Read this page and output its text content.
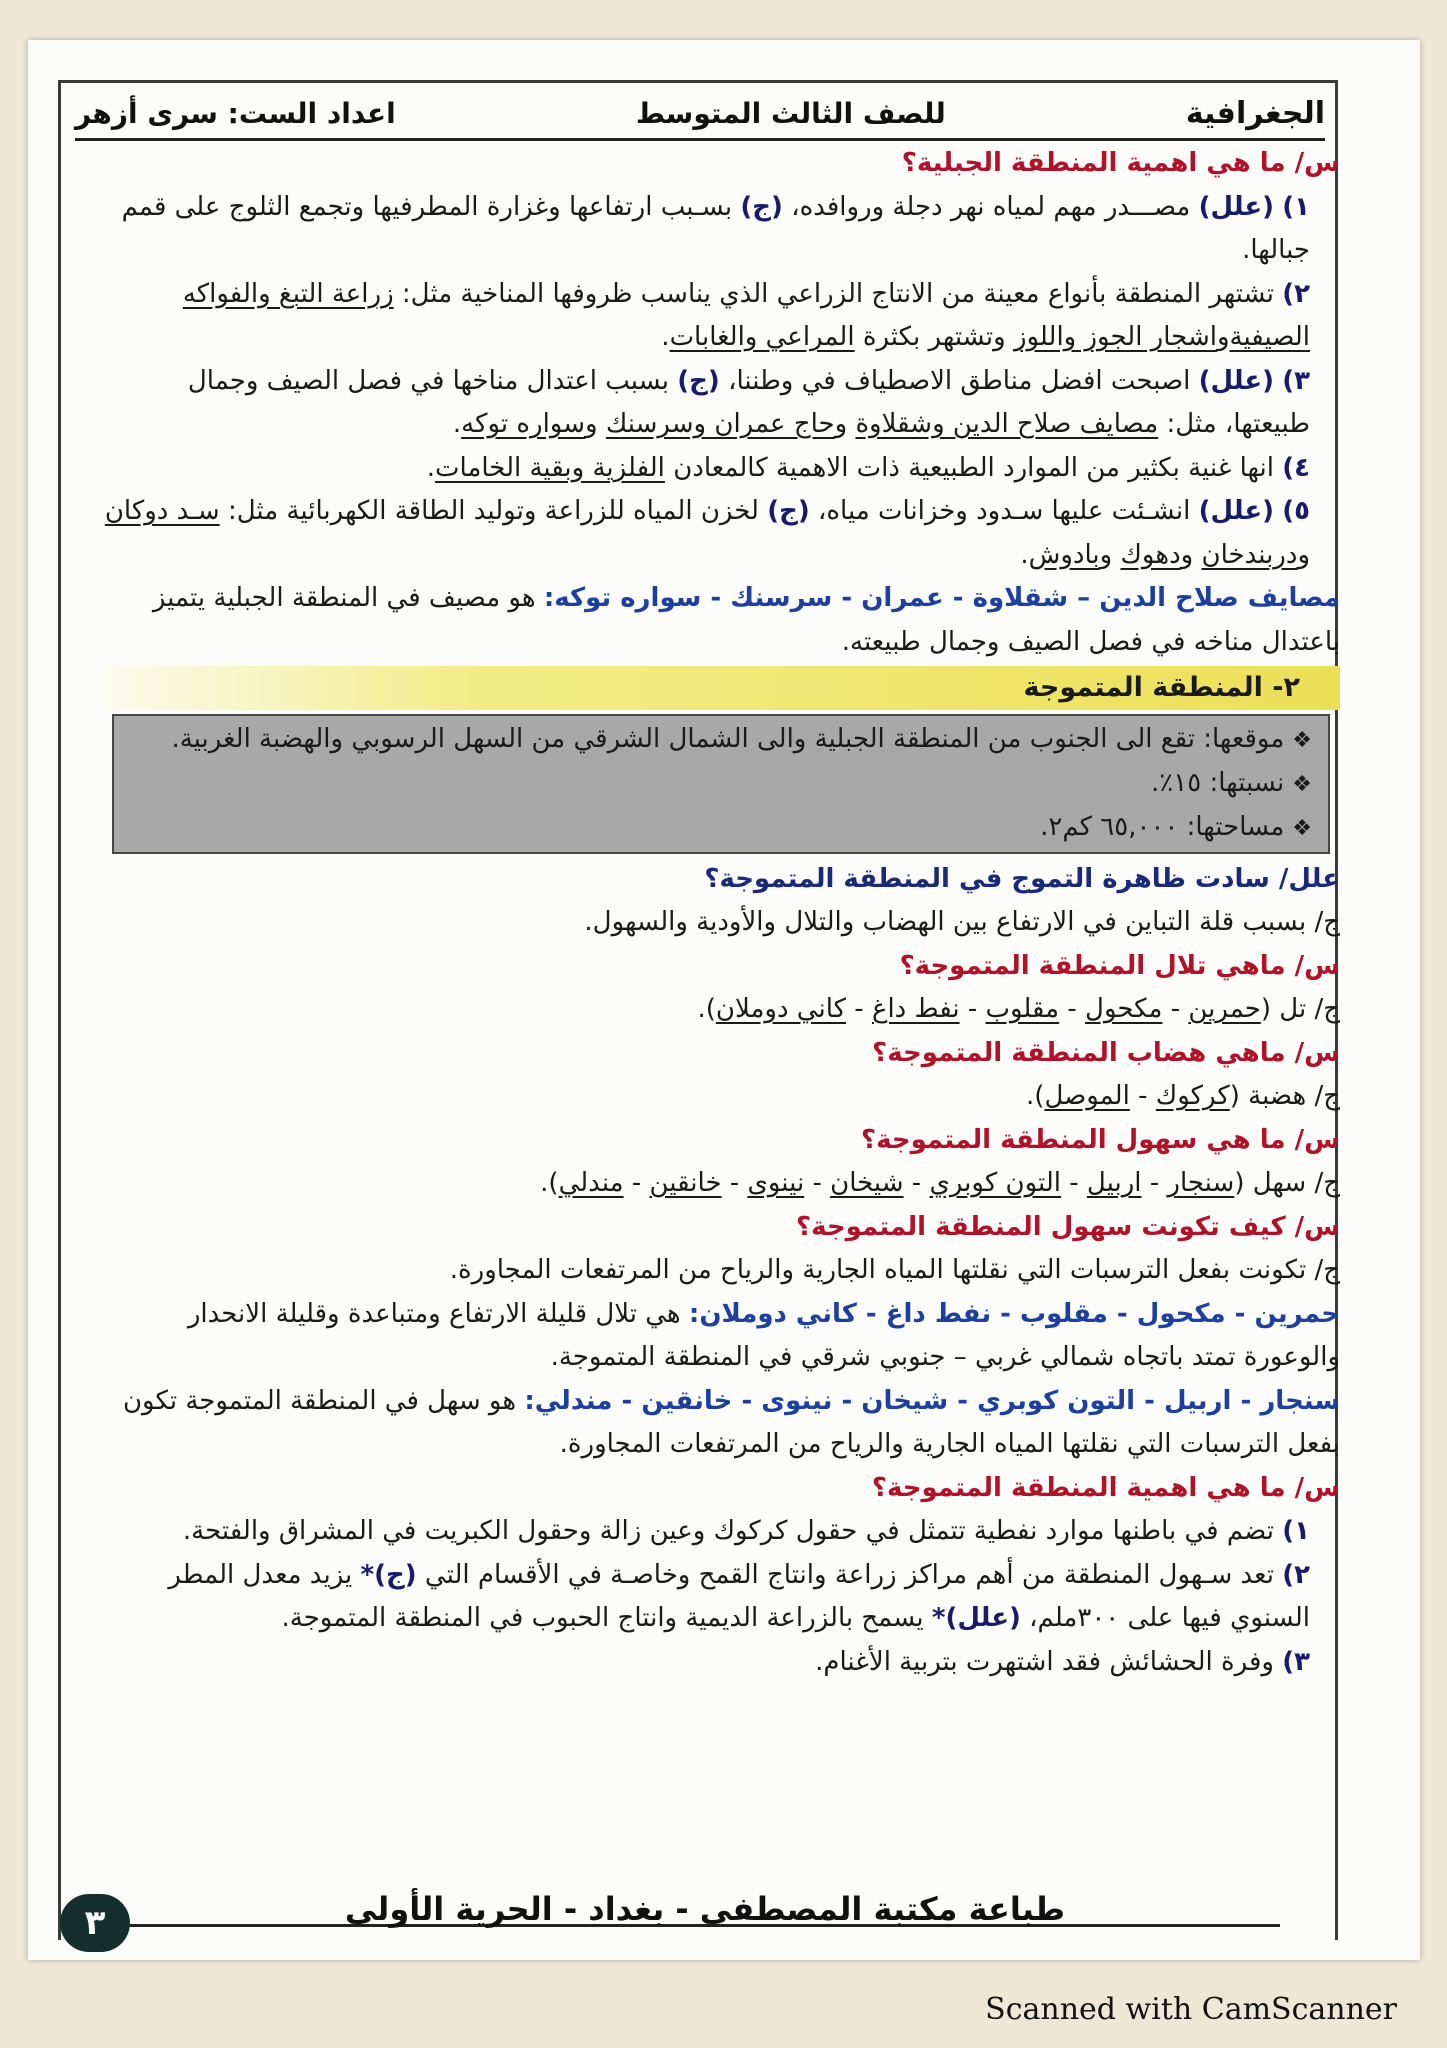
الجغرافية
للصف الثالث المتوسط
اعداد الست: سرى أزهر

س/ ما هي اهمية المنطقة الجبلية؟

١) (علل) مصـــدر مهم لمياه نهر دجلة وروافده، (ج) بسـبب ارتفاعها وغزارة المطرفيها وتجمع الثلوج على قمم جبالها.

٢) تشتهر المنطقة بأنواع معينة من الانتاج الزراعي الذي يناسب ظروفها المناخية مثل: زراعة التبغ والفواكه الصيفيةواشجار الجوز واللوز وتشتهر بكثرة المراعي والغابات.

٣) (علل) اصبحت افضل مناطق الاصطياف في وطننا، (ج) بسبب اعتدال مناخها في فصل الصيف وجمال طبيعتها، مثل: مصايف صلاح الدين وشقلاوة وحاج عمران وسرسنك وسواره توكه.

٤) انها غنية بكثير من الموارد الطبيعية ذات الاهمية كالمعادن الفلزية وبقية الخامات.

٥) (علل) انشـئت عليها سـدود وخزانات مياه، (ج) لخزن المياه للزراعة وتوليد الطاقة الكهربائية مثل: سـد دوكان ودربندخان ودهوك وبادوش.

مصايف صلاح الدين – شقلاوة - عمران - سرسنك - سواره توكه: هو مصيف في المنطقة الجبلية يتميز باعتدال مناخه في فصل الصيف وجمال طبيعته.

٢- المنطقة المتموجة
❖موقعها: تقع الى الجنوب من المنطقة الجبلية والى الشمال الشرقي من السهل الرسوبي والهضبة الغربية.
❖نسبتها: ١٥٪.
❖مساحتها: ٦٥,٠٠٠ كم٢.

علل/ سادت ظاهرة التموج في المنطقة المتموجة؟

ج/ بسبب قلة التباين في الارتفاع بين الهضاب والتلال والأودية والسهول.

س/ ماهي تلال المنطقة المتموجة؟

ج/ تل (حمرين - مكحول - مقلوب - نفط داغ - كاني دوملان).

س/ ماهي هضاب المنطقة المتموجة؟

ج/ هضبة (كركوك - الموصل).

س/ ما هي سهول المنطقة المتموجة؟

ج/ سهل (سنجار - اربيل - التون كوبري - شيخان - نينوى - خانقين - مندلي).

س/ كيف تكونت سهول المنطقة المتموجة؟

ج/ تكونت بفعل الترسبات التي نقلتها المياه الجارية والرياح من المرتفعات المجاورة.

حمرين - مكحول - مقلوب - نفط داغ - كاني دوملان: هي تلال قليلة الارتفاع ومتباعدة وقليلة الانحدار والوعورة تمتد باتجاه شمالي غربي – جنوبي شرقي في المنطقة المتموجة.

سنجار - اربيل - التون كوبري - شيخان - نينوى - خانقين - مندلي: هو سهل في المنطقة المتموجة تكون بفعل الترسبات التي نقلتها المياه الجارية والرياح من المرتفعات المجاورة.

س/ ما هي اهمية المنطقة المتموجة؟

١) تضم في باطنها موارد نفطية تتمثل في حقول كركوك وعين زالة وحقول الكبريت في المشراق والفتحة.

٢) تعد سـهول المنطقة من أهم مراكز زراعة وانتاج القمح وخاصـة في الأقسام التي (ج)* يزيد معدل المطر السنوي فيها على ٣٠٠ملم، (علل)* يسمح بالزراعة الديمية وانتاج الحبوب في المنطقة المتموجة.

٣) وفرة الحشائش فقد اشتهرت بتربية الأغنام.

طباعة مكتبة المصطفى - بغداد - الحرية الأولى
٣
Scanned with CamScanner
